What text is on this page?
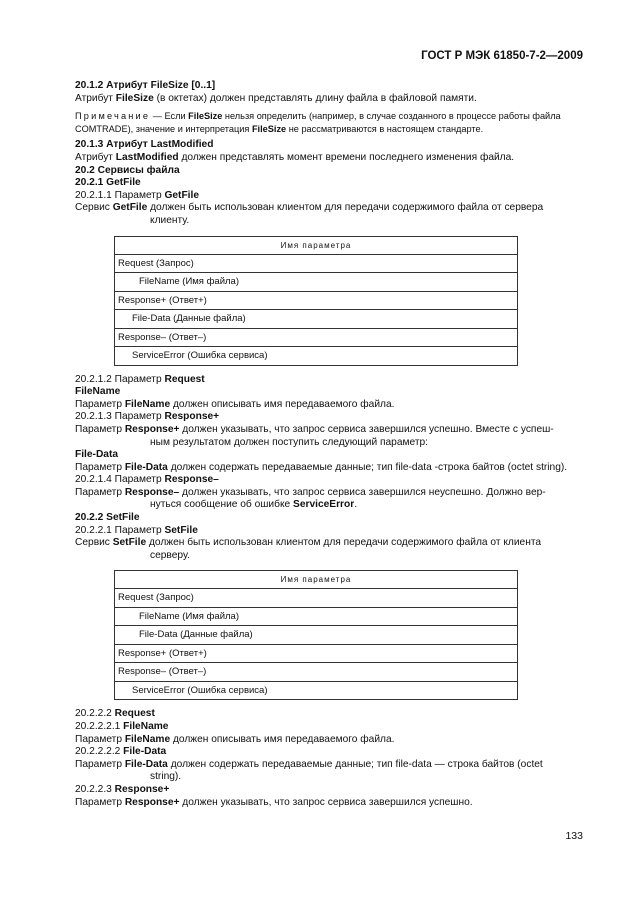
ГОСТ Р МЭК 61850-7-2—2009

20.1.2 Атрибут FileSize [0..1]

Атрибут FileSize (в октетах) должен представлять длину файла в файловой памяти.

Примечание — Если FileSize нельзя определить (например, в случае созданного в процессе работы файла COMTRADE), значение и интерпретация FileSize не рассматриваются в настоящем стандарте.

20.1.3 Атрибут LastModified

Атрибут LastModified должен представлять момент времени последнего изменения файла.

20.2 Сервисы файла

20.2.1 GetFile

20.2.1.1 Параметр GetFile

Сервис GetFile должен быть использован клиентом для передачи содержимого файла от сервера

клиенту.

Имя параметра
Request (Запрос)
FileName (Имя файла)
Response+ (Ответ+)
File-Data (Данные файла)
Response– (Ответ–)
ServiceError (Ошибка сервиса)

20.2.1.2 Параметр Request

FileName

Параметр FileName должен описывать имя передаваемого файла.

20.2.1.3 Параметр Response+

Параметр Response+ должен указывать, что запрос сервиса завершился успешно. Вместе с успеш-

ным результатом должен поступить следующий параметр:

File-Data

Параметр File-Data должен содержать передаваемые данные; тип file-data -строка байтов (octet string).

20.2.1.4 Параметр Response–

Параметр Response– должен указывать, что запрос сервиса завершился неуспешно. Должно вер-

нуться сообщение об ошибке ServiceError.

20.2.2 SetFile

20.2.2.1 Параметр SetFile

Сервис SetFile должен быть использован клиентом для передачи содержимого файла от клиента

серверу.

Имя параметра
Request (Запрос)
FileName (Имя файла)
File-Data (Данные файла)
Response+ (Ответ+)
Response– (Ответ–)
ServiceError (Ошибка сервиса)

20.2.2.2 Request

20.2.2.2.1 FileName

Параметр FileName должен описывать имя передаваемого файла.

20.2.2.2.2 File-Data

Параметр File-Data должен содержать передаваемые данные; тип file-data — строка байтов (octet

string).

20.2.2.3 Response+

Параметр Response+ должен указывать, что запрос сервиса завершился успешно.

133
